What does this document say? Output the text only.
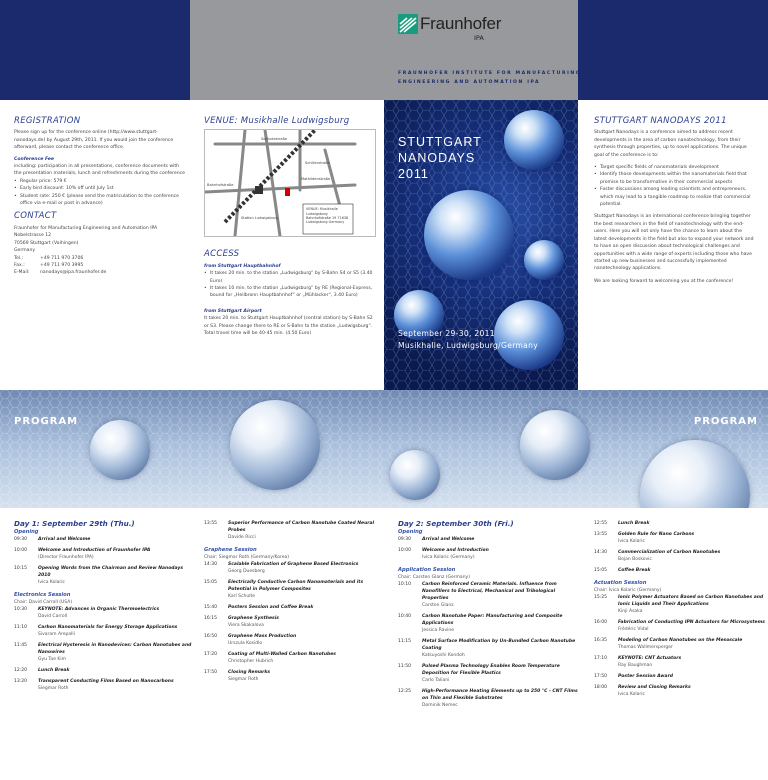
Fraunhofer
IPA
FRAUNHOFER INSTITUTE FOR MANUFACTURING
ENGINEERING AND AUTOMATION IPA
REGISTRATION
Please sign up for the conference online (http://www.stuttgart-nanodays.de) by August 29th, 2011. If you would join the conference afterward, please contact the conference office.
Conference Fee
including: participation in all presentations, conference documents with the presentation materials, lunch and refreshments during the conference
• Regular price: 579 €
• Early bird discount: 10% off until July 1st
• Student rate: 250 € (please send the matriculation to the conference office via e-mail or post in advance)
CONTACT
Fraunhofer for Manufacturing Engineering and Automation IPA
Nobelstrasse 12
70569 Stuttgart (Vaihingen)
Germany
Tel.:	+49 711 970 3706
Fax.:	+49 711 970 3995
E-Mail:	nanodays@ipa.fraunhofer.de
VENUE: Musikhalle Ludwigsburg
Solitudestraße
Mathildenstraße
Schillerstraße
Bahnhofstraße
Station Ludwigsburg
VENUE: Musikhalle Ludwigsburg Bahnhofstraße 19 71638 Ludwigsburg Germany
ACCESS
from Stuttgart Hauptbahnhof
• It takes 20 min. to the station „Ludwigsburg“ by S-Bahn S4 or S5 (3.40 Euro)
• It takes 10 min. to the station „Ludwigsburg“ by RE (Regional-Express, bound for „Heilbronn Hauptbahnhof“ or „Mühlacker“, 3.40 Euro)
from Stuttgart Airport
It takes 20 min. to Stuttgart Hauptbahnhof (central station) by S-Bahn S2 or S3. Please change there to RE or S-Bahn to the station „Ludwigsburg“. Total travel time will be 40-45 min. (4.50 Euro)
STUTTGART
NANODAYS
2011
September 29-30, 2011
Musikhalle, Ludwigsburg/Germany
STUTTGART NANODAYS 2011
Stuttgart Nanodays is a conference aimed to address recent developments in the area of carbon nanotechnology, from their synthesis through properties, up to novel applications. The unique goal of the conference is to:
• Target specific fields of nanomaterials development
• Identify those developments within the nanomaterials field that promise to be transformative in their commercial aspects
• Foster discussions among leading scientists and entrepreneurs, which may lead to a tangible roadmap to realize that commercial potential.
Stuttgart Nanodays is an international conference bringing together the best researchers in the field of nanotechnology with the end-users. Here you will not only have the chance to learn about the latest developments in the field but also to expand your network and to have an open discussion about technological challenges and opportunities with a wide range of experts including those who have started up new businesses and successfully implemented nanotechnology applications.
We are looking forward to welcoming you at the conference!
PROGRAM	PROGRAM
Day 1: September 29th (Thu.)
Opening
09:30	Arrival and Welcome
10:00	Welcome and Introduction of Fraunhofer IPA
(Director Fraunhofer IPA)
10:15	Opening Words from the Chairman and Review Nanodays 2010
Ivica Kolaric
Electronics Session
Chair: David Carroll (USA)
10:30	KEYNOTE: Advances in Organic Thermoelectrics
David Carroll
11:10	Carbon Nanomaterials for Energy Storage Applications
Sivaram Arepalli
11:45	Electrical Hysteresis in Nanodevices: Carbon Nanotubes and Nanowires
Gyu Tae Kim
12:20	Lunch Break
13:20	Transparent Conducting Films Based on Nanocarbons
Siegmar Roth
13:55	Superior Performance of Carbon Nanotube Coated Neural Probes
Davide Ricci
Graphene Session
Chair: Siegmar Roth (Germany/Korea)
14:30	Scalable Fabrication of Graphene Based Electronics
Georg Duesberg
15:05	Electrically Conductive Carbon Nanomaterials and its Potential in Polymer Composites
Karl Schulte
15:40	Posters Session and Coffee Break
16:15	Graphene Synthesis
Viera Skakalova
16:50	Graphene Mass Production
Urszula Kosidlo
17:20	Coating of Multi-Walled Carbon Nanotubes
Christopher Hubrich
17:50	Closing Remarks
Siegmar Roth
Day 2: September 30th (Fri.)
Opening
09:30	Arrival and Welcome
10:00	Welcome and Introduction
Ivica Kolaric (Germany)
Application Session
Chair: Carsten Glanz (Germany)
10:10	Carbon Reinforced Ceramic Materials. Influence from Nanofillers to Electrical, Mechanical and Tribological Properties
Carsten Glanz
10:40	Carbon Nanotube Paper: Manufacturing and Composite Applications
Jessica Ravine
11:15	Metal Surface Modification by Un-Bundled Carbon Nanotube Coating
Katsuyoshi Kondoh
11:50	Pulsed Plasma Technology Enables Room Temperature Deposition for Flexible Plastics
Carlo Taliani
12:25	High-Performance Heating Elements up to 250 °C - CNT Films on Thin and Flexible Substrates
Dominik Nemec
12:55	Lunch Break
13:55	Golden Rule for Nano Carbons
Ivica Kolaric
14:30	Commercialization of Carbon Nanotubes
Bojan Boskovic
15:05	Coffee Break
Actuation Session
Chair: Ivica Kolaric (Germany)
15:25	Ionic Polymer Actuators Based on Carbon Nanotubes and Ionic Liquids and Their Applications
Kinji Asaka
16:00	Fabrication of Conducting IPN Actuators for Microsystems
Frédéric Vidal
16:35	Modeling of Carbon Nanotubes on the Mesoscale
Thomas Wallmersperger
17:10	KEYNOTE: CNT Actuators
Ray Baughman
17:50	Poster Session Award
18:00	Review and Closing Remarks
Ivica Kolaric
